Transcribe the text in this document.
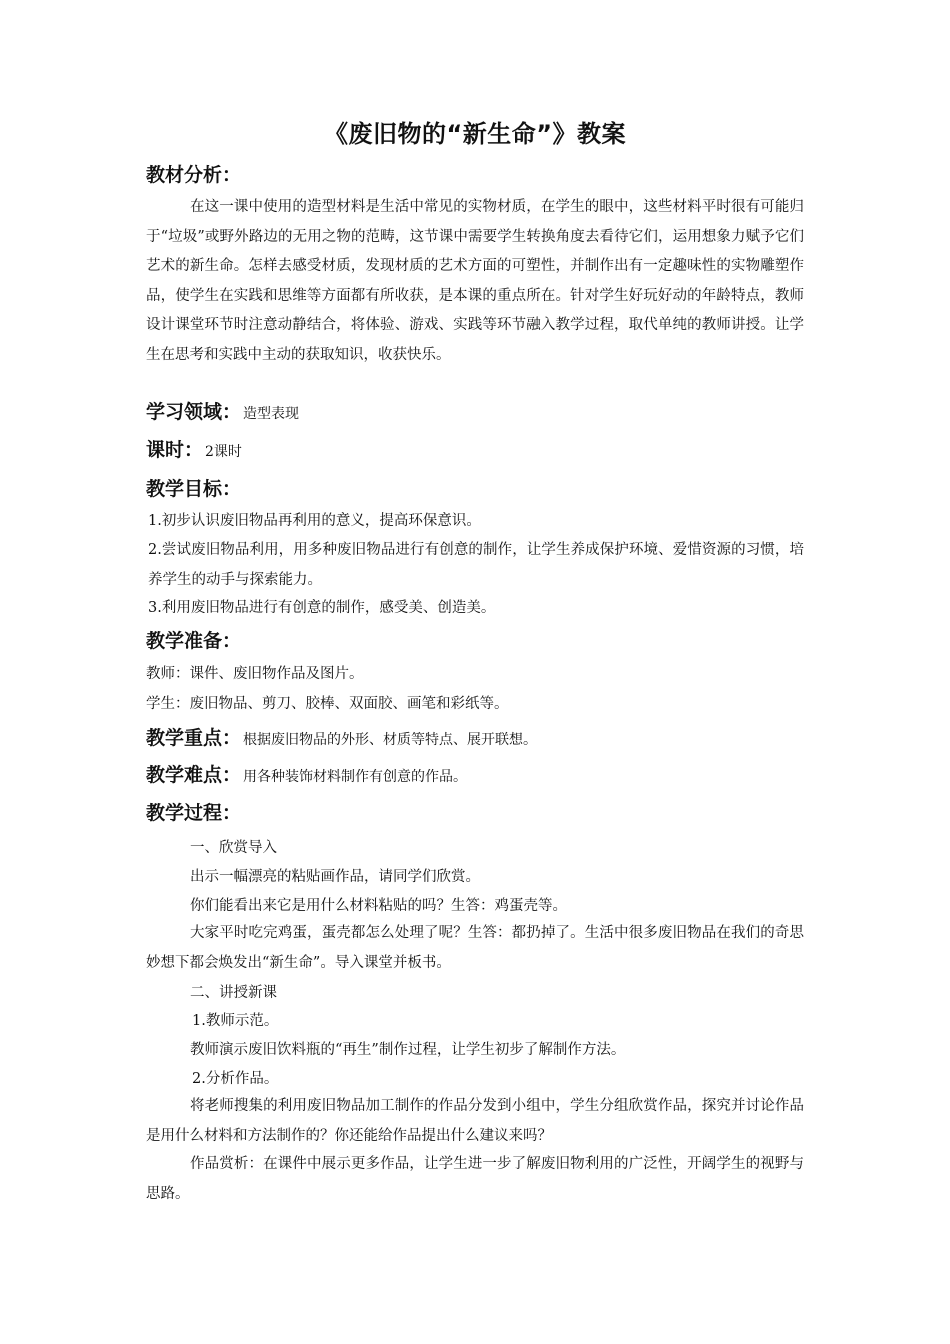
《废旧物的“新生命”》教案
教材分析：
在这一课中使用的造型材料是生活中常见的实物材质，在学生的眼中，这些材料平时很有可能归于“垃圾”或野外路边的无用之物的范畴，这节课中需要学生转换角度去看待它们，运用想象力赋予它们艺术的新生命。怎样去感受材质，发现材质的艺术方面的可塑性，并制作出有一定趣味性的实物雕塑作品，使学生在实践和思维等方面都有所收获，是本课的重点所在。针对学生好玩好动的年龄特点，教师设计课堂环节时注意动静结合，将体验、游戏、实践等环节融入教学过程，取代单纯的教师讲授。让学生在思考和实践中主动的获取知识，收获快乐。
学习领域： 造型表现
课时： 2课时
教学目标：
1.初步认识废旧物品再利用的意义，提高环保意识。
2.尝试废旧物品利用，用多种废旧物品进行有创意的制作，让学生养成保护环境、爱惜资源的习惯，培养学生的动手与探索能力。
3.利用废旧物品进行有创意的制作，感受美、创造美。
教学准备：
教师：课件、废旧物作品及图片。
学生：废旧物品、剪刀、胶棒、双面胶、画笔和彩纸等。
教学重点： 根据废旧物品的外形、材质等特点、展开联想。
教学难点： 用各种装饰材料制作有创意的作品。
教学过程：
一、欣赏导入
出示一幅漂亮的粘贴画作品，请同学们欣赏。
你们能看出来它是用什么材料粘贴的吗？生答：鸡蛋壳等。
大家平时吃完鸡蛋，蛋壳都怎么处理了呢？生答：都扔掉了。生活中很多废旧物品在我们的奇思妙想下都会焕发出“新生命”。导入课堂并板书。
二、讲授新课
1.教师示范。
教师演示废旧饮料瓶的“再生”制作过程，让学生初步了解制作方法。
2.分析作品。
将老师搜集的利用废旧物品加工制作的作品分发到小组中，学生分组欣赏作品，探究并讨论作品是用什么材料和方法制作的？你还能给作品提出什么建议来吗？
作品赏析：在课件中展示更多作品，让学生进一步了解废旧物利用的广泛性，开阔学生的视野与思路。
